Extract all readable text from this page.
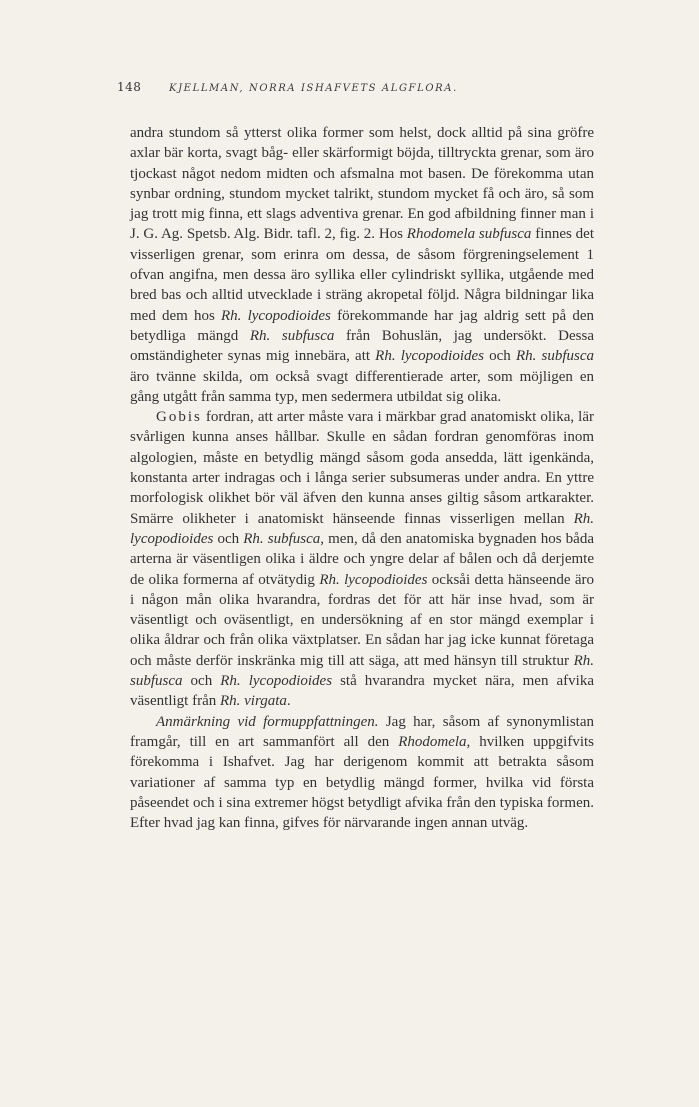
148	KJELLMAN, NORRA ISHAFVETS ALGFLORA.

andra stundom så ytterst olika former som helst, dock alltid på sina gröfre axlar bär korta, svagt båg- eller skärformigt böjda, tilltryckta grenar, som äro tjockast något nedom midten och afsmalna mot basen. De förekomma utan synbar ordning, stundom mycket talrikt, stundom mycket få och äro, så som jag trott mig finna, ett slags adventiva grenar. En god afbildning finner man i J. G. Ag. Spetsb. Alg. Bidr. tafl. 2, fig. 2. Hos Rhodomela subfusca finnes det visserligen grenar, som erinra om dessa, de såsom förgreningselement 1 ofvan angifna, men dessa äro syllika eller cylindriskt syllika, utgående med bred bas och alltid utvecklade i sträng akropetal följd. Några bildningar lika med dem hos Rh. lycopodioides förekommande har jag aldrig sett på den betydliga mängd Rh. subfusca från Bohuslän, jag undersökt. Dessa omständigheter synas mig innebära, att Rh. lycopodioides och Rh. subfusca äro tvänne skilda, om också svagt differentierade arter, som möjligen en gång utgått från samma typ, men sedermera utbildat sig olika.

Gobis fordran, att arter måste vara i märkbar grad anatomiskt olika, lär svårligen kunna anses hållbar. Skulle en sådan fordran genomföras inom algologien, måste en betydlig mängd såsom goda ansedda, lätt igenkända, konstanta arter indragas och i långa serier subsumeras under andra. En yttre morfologisk olikhet bör väl äfven den kunna anses giltig såsom artkarakter. Smärre olikheter i anatomiskt hänseende finnas visserligen mellan Rh. lycopodioides och Rh. subfusca, men, då den anatomiska bygnaden hos båda arterna är väsentligen olika i äldre och yngre delar af bålen och då derjemte de olika formerna af otvätydig Rh. lycopodioides ocksåi detta hänseende äro i någon mån olika hvarandra, fordras det för att här inse hvad, som är väsentligt och oväsentligt, en undersökning af en stor mängd exemplar i olika åldrar och från olika växtplatser. En sådan har jag icke kunnat företaga och måste derför inskränka mig till att säga, att med hänsyn till struktur Rh. subfusca och Rh. lycopodioides stå hvarandra mycket nära, men afvika väsentligt från Rh. virgata.

Anmärkning vid formuppfattningen. Jag har, såsom af synonymlistan framgår, till en art sammanfört all den Rhodomela, hvilken uppgifvits förekomma i Ishafvet. Jag har derigenom kommit att betrakta såsom variationer af samma typ en betydlig mängd former, hvilka vid första påseendet och i sina extremer högst betydligt afvika från den typiska formen. Efter hvad jag kan finna, gifves för närvarande ingen annan utväg.
